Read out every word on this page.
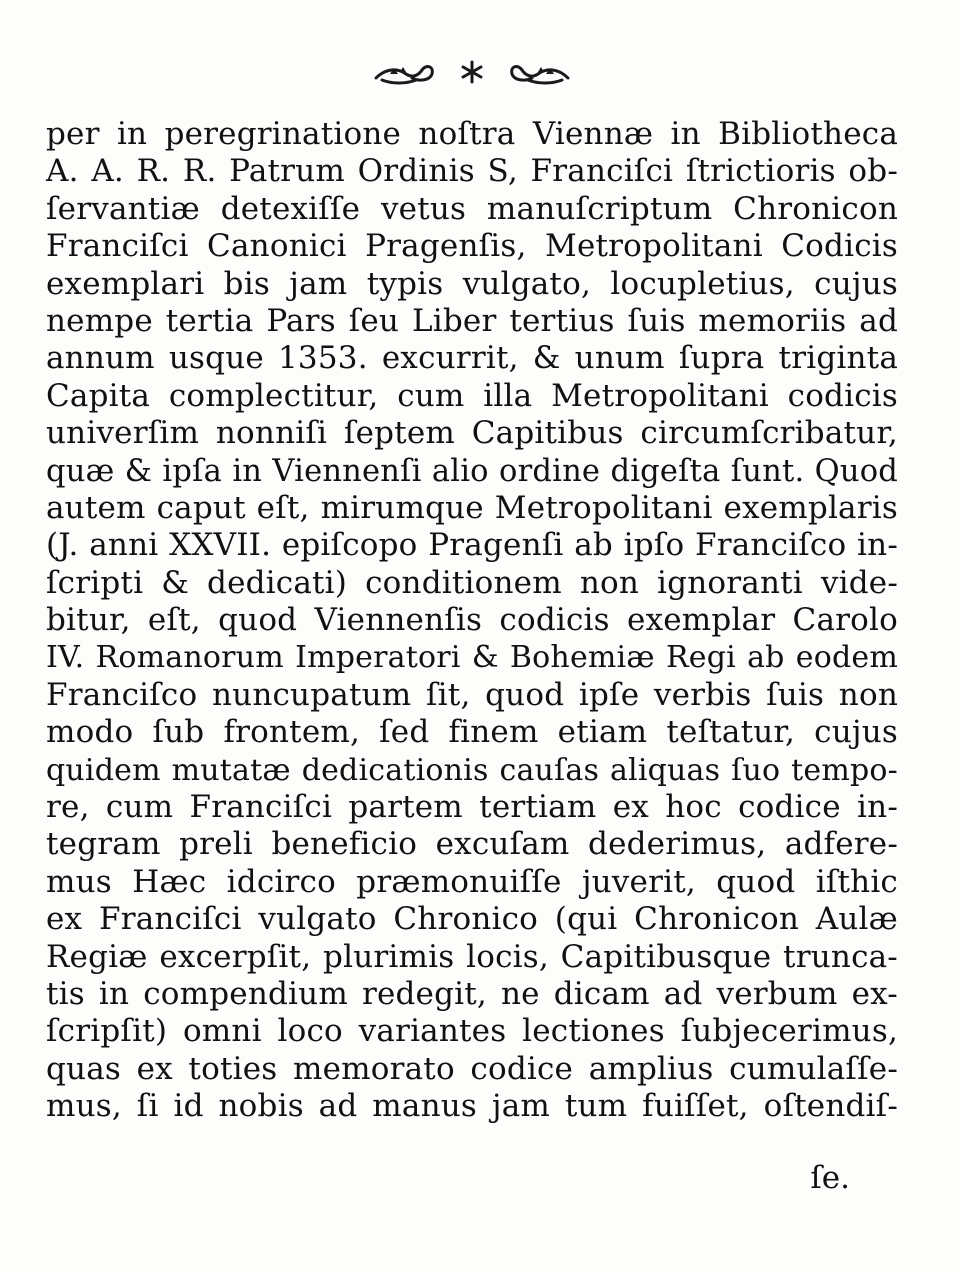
per in peregrinatione noſtra Viennæ in Bibliotheca
A. A. R. R. Patrum Ordinis S, Franciſci ſtrictioris ob-
ſervantiæ detexiſſe vetus manuſcriptum Chronicon
Franciſci Canonici Pragenſis, Metropolitani Codicis
exemplari bis jam typis vulgato, locupletius, cujus
nempe tertia Pars ſeu Liber tertius ſuis memoriis ad
annum usque 1353. excurrit, & unum ſupra triginta
Capita complectitur, cum illa Metropolitani codicis
univerſim nonniſi ſeptem Capitibus circumſcribatur,
quæ & ipſa in Viennenſi alio ordine digeſta ſunt. Quod
autem caput eſt, mirumque Metropolitani exemplaris
(J. anni XXVII. epiſcopo Pragenſi ab ipſo Franciſco in-
ſcripti & dedicati) conditionem non ignoranti vide-
bitur, eſt, quod Viennenſis codicis exemplar Carolo
IV. Romanorum Imperatori & Bohemiæ Regi ab eodem
Franciſco nuncupatum ſit, quod ipſe verbis ſuis non
modo ſub frontem, ſed finem etiam teſtatur, cujus
quidem mutatæ dedicationis cauſas aliquas ſuo tempo-
re, cum Franciſci partem tertiam ex hoc codice in-
tegram preli beneficio excuſam dederimus, adfere-
mus Hæc idcirco præmonuiſſe juverit, quod iſthic
ex Franciſci vulgato Chronico (qui Chronicon Aulæ
Regiæ excerpſit, plurimis locis, Capitibusque trunca-
tis in compendium redegit, ne dicam ad verbum ex-
ſcripſit) omni loco variantes lectiones ſubjecerimus,
quas ex toties memorato codice amplius cumulaſſe-
mus, ſi id nobis ad manus jam tum fuiſſet, oſtendiſ-
ſe.
